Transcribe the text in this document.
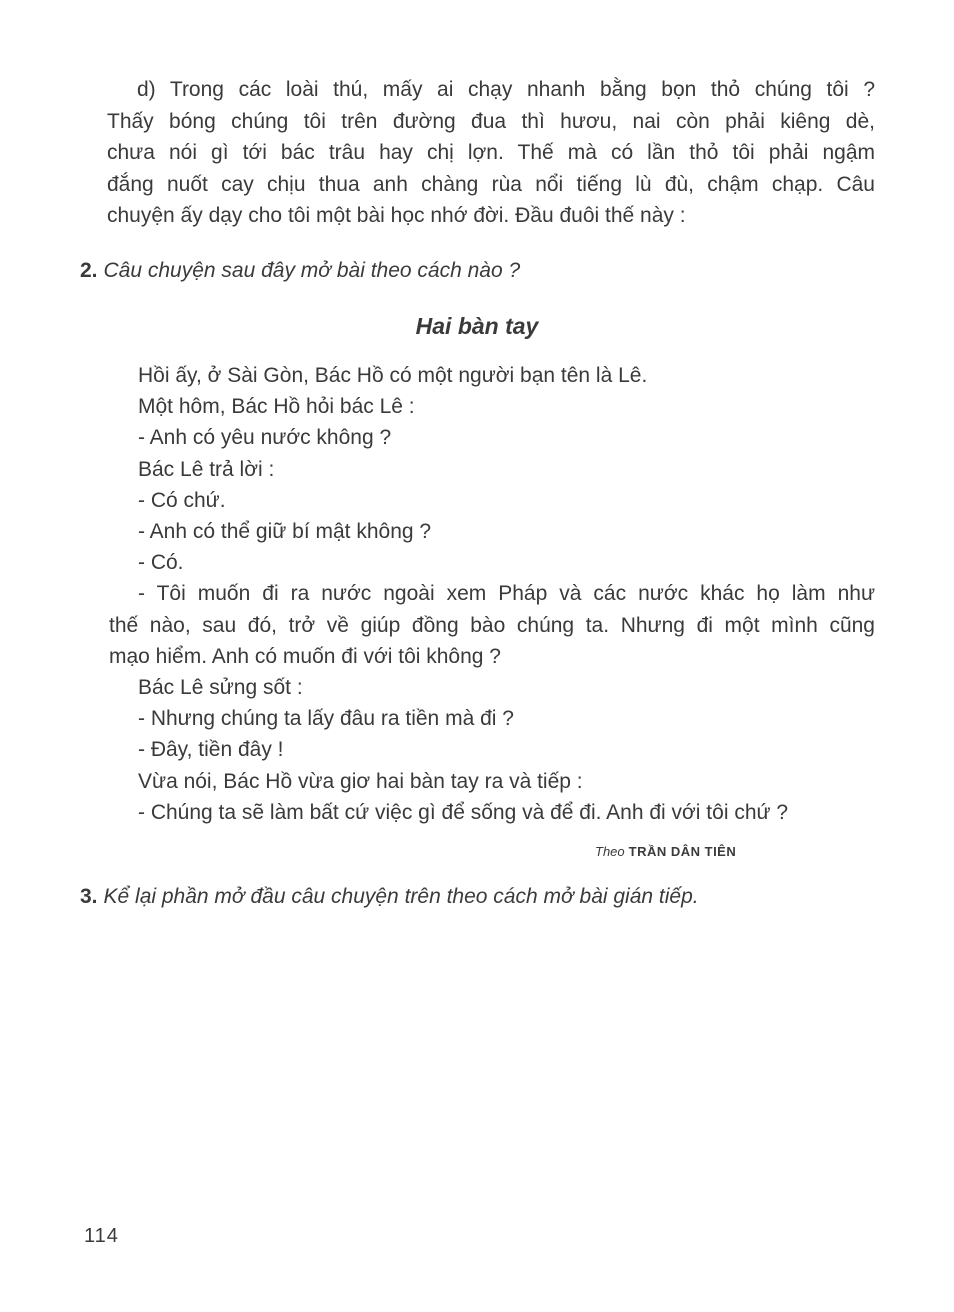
d) Trong các loài thú, mấy ai chạy nhanh bằng bọn thỏ chúng tôi ?
Thấy bóng chúng tôi trên đường đua thì hươu, nai còn phải kiêng dè,
chưa nói gì tới bác trâu hay chị lợn. Thế mà có lần thỏ tôi phải ngậm
đắng nuốt cay chịu thua anh chàng rùa nổi tiếng lù đù, chậm chạp. Câu
chuyện ấy dạy cho tôi một bài học nhớ đời. Đầu đuôi thế này :
2. Câu chuyện sau đây mở bài theo cách nào ?
Hai bàn tay
Hồi ấy, ở Sài Gòn, Bác Hồ có một người bạn tên là Lê.
Một hôm, Bác Hồ hỏi bác Lê :
- Anh có yêu nước không ?
Bác Lê trả lời :
- Có chứ.
- Anh có thể giữ bí mật không ?
- Có.
- Tôi muốn đi ra nước ngoài xem Pháp và các nước khác họ làm như
thế nào, sau đó, trở về giúp đồng bào chúng ta. Nhưng đi một mình cũng
mạo hiểm. Anh có muốn đi với tôi không ?
Bác Lê sửng sốt :
- Nhưng chúng ta lấy đâu ra tiền mà đi ?
- Đây, tiền đây !
Vừa nói, Bác Hồ vừa giơ hai bàn tay ra và tiếp :
- Chúng ta sẽ làm bất cứ việc gì để sống và để đi. Anh đi với tôi chứ ?
Theo TRẦN DÂN TIÊN
3. Kể lại phần mở đầu câu chuyện trên theo cách mở bài gián tiếp.
114
